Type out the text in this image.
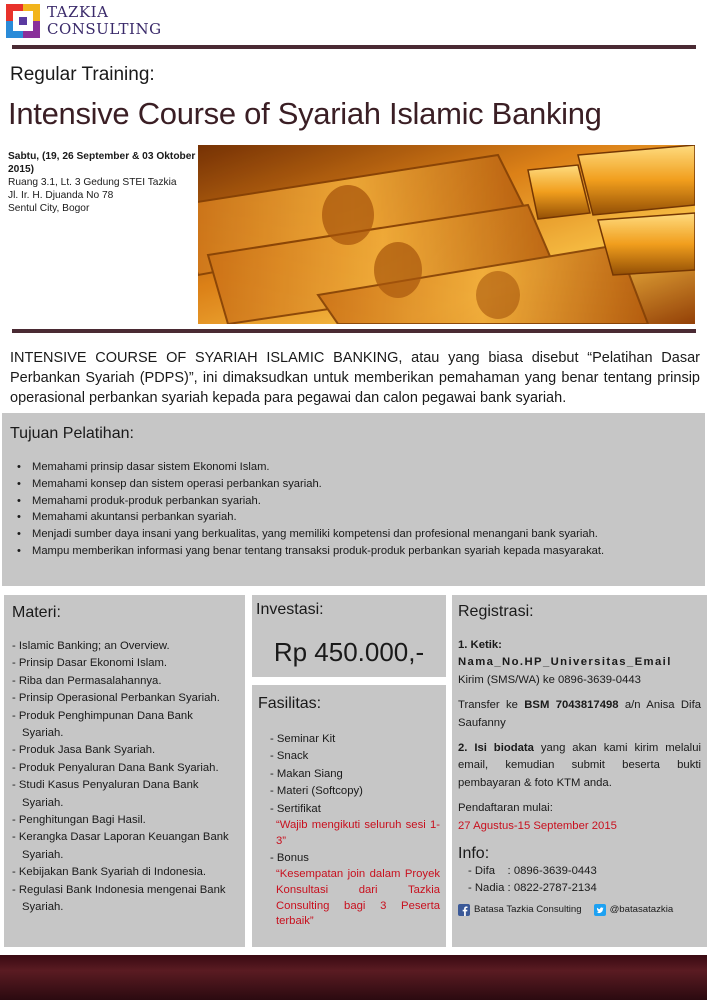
TAZKIA
CONSULTING
Regular Training:
Intensive Course of Syariah Islamic Banking
Sabtu, (19, 26 September & 03 Oktober 2015)
Ruang 3.1, Lt. 3 Gedung STEI Tazkia
Jl. Ir. H. Djuanda No 78
Sentul City, Bogor

INTENSIVE COURSE OF SYARIAH ISLAMIC BANKING, atau yang biasa disebut “Pelatihan Dasar Perbankan Syariah (PDPS)”, ini dimaksudkan untuk memberikan pemahaman yang benar tentang prinsip operasional perbankan syariah kepada para pegawai dan calon pegawai bank syariah.

Tujuan Pelatihan:
• Memahami prinsip dasar sistem Ekonomi Islam.
• Memahami konsep dan sistem operasi perbankan syariah.
• Memahami produk-produk perbankan syariah.
• Memahami akuntansi perbankan syariah.
• Menjadi sumber daya insani yang berkualitas, yang memiliki kompetensi dan profesional menangani bank syariah.
• Mampu memberikan informasi yang benar tentang transaksi produk-produk perbankan syariah kepada masyarakat.
Materi:
- Islamic Banking; an Overview.
- Prinsip Dasar Ekonomi Islam.
- Riba dan Permasalahannya.
- Prinsip Operasional Perbankan Syariah.
- Produk Penghimpunan Dana Bank Syariah.
- Produk Jasa Bank Syariah.
- Produk Penyaluran Dana Bank Syariah.
- Studi Kasus Penyaluran Dana Bank Syariah.
- Penghitungan Bagi Hasil.
- Kerangka Dasar Laporan Keuangan Bank Syariah.
- Kebijakan Bank Syariah di Indonesia.
- Regulasi Bank Indonesia mengenai Bank Syariah.
Investasi:
Rp 450.000,-
Fasilitas:
- Seminar Kit
- Snack
- Makan Siang
- Materi (Softcopy)
- Sertifikat
“Wajib mengikuti seluruh sesi 1-3”
- Bonus
“Kesempatan join dalam Proyek Konsultasi dari Tazkia Consulting bagi 3 Peserta terbaik”
Registrasi:
1. Ketik:
Nama_No.HP_Universitas_Email
Kirim (SMS/WA) ke 0896-3639-0443
Transfer ke BSM 7043817498 a/n Anisa Difa Saufanny
2. Isi biodata yang akan kami kirim melalui email, kemudian submit beserta bukti pembayaran & foto KTM anda.
Pendaftaran mulai:
27 Agustus-15 September 2015
Info:
- Difa    : 0896-3639-0443
- Nadia : 0822-2787-2134
Batasa Tazkia Consulting	@batasatazkia
